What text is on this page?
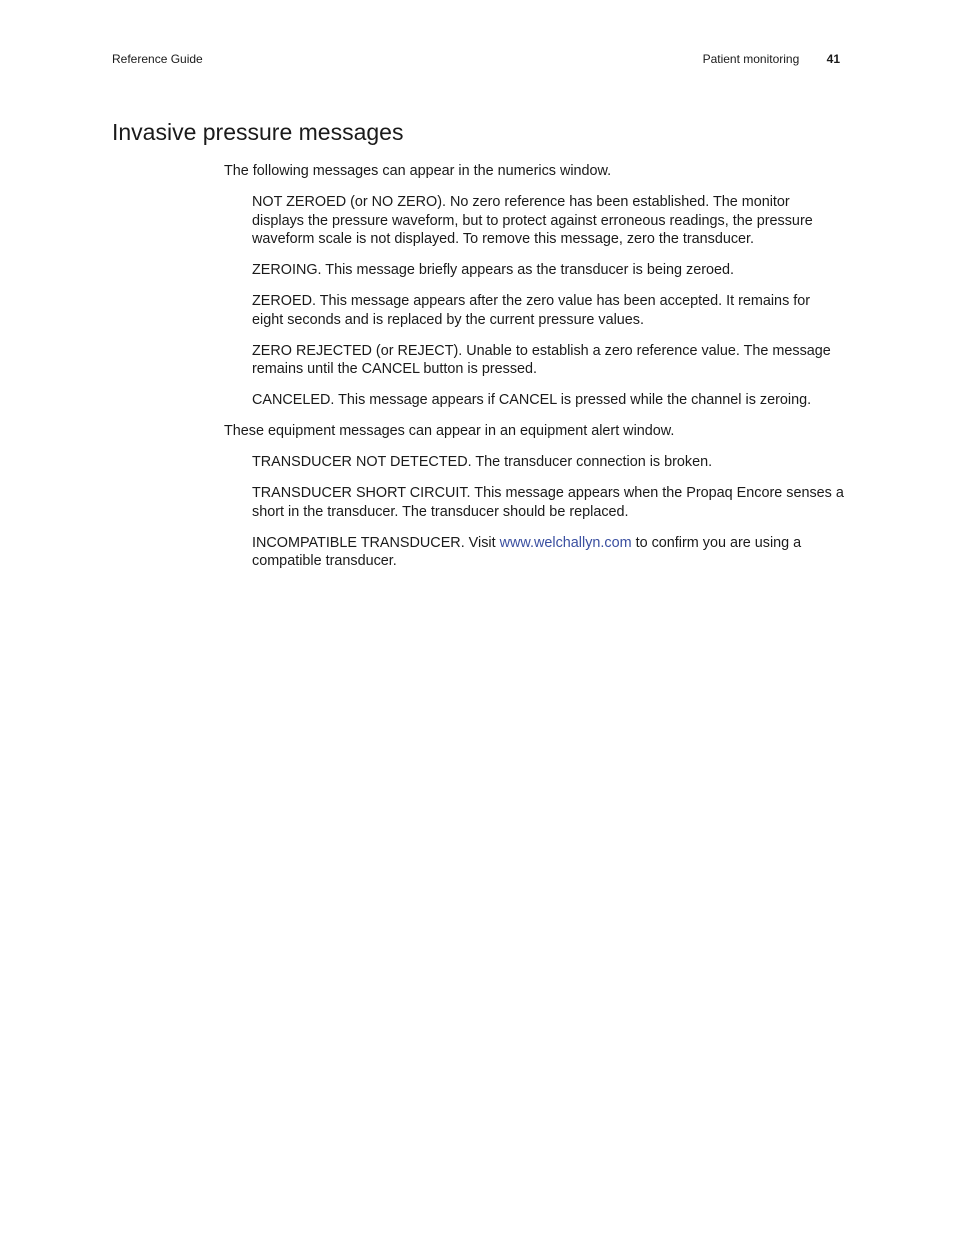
Reference Guide	Patient monitoring 41
Invasive pressure messages

The following messages can appear in the numerics window.

NOT ZEROED (or NO ZERO). No zero reference has been established. The monitor displays the pressure waveform, but to protect against erroneous readings, the pressure waveform scale is not displayed. To remove this message, zero the transducer.

ZEROING. This message briefly appears as the transducer is being zeroed.

ZEROED. This message appears after the zero value has been accepted. It remains for eight seconds and is replaced by the current pressure values.

ZERO REJECTED (or REJECT). Unable to establish a zero reference value. The message remains until the CANCEL button is pressed.

CANCELED. This message appears if CANCEL is pressed while the channel is zeroing.

These equipment messages can appear in an equipment alert window.

TRANSDUCER NOT DETECTED. The transducer connection is broken.

TRANSDUCER SHORT CIRCUIT. This message appears when the Propaq Encore senses a short in the transducer. The transducer should be replaced.

INCOMPATIBLE TRANSDUCER. Visit www.welchallyn.com to confirm you are using a compatible transducer.
